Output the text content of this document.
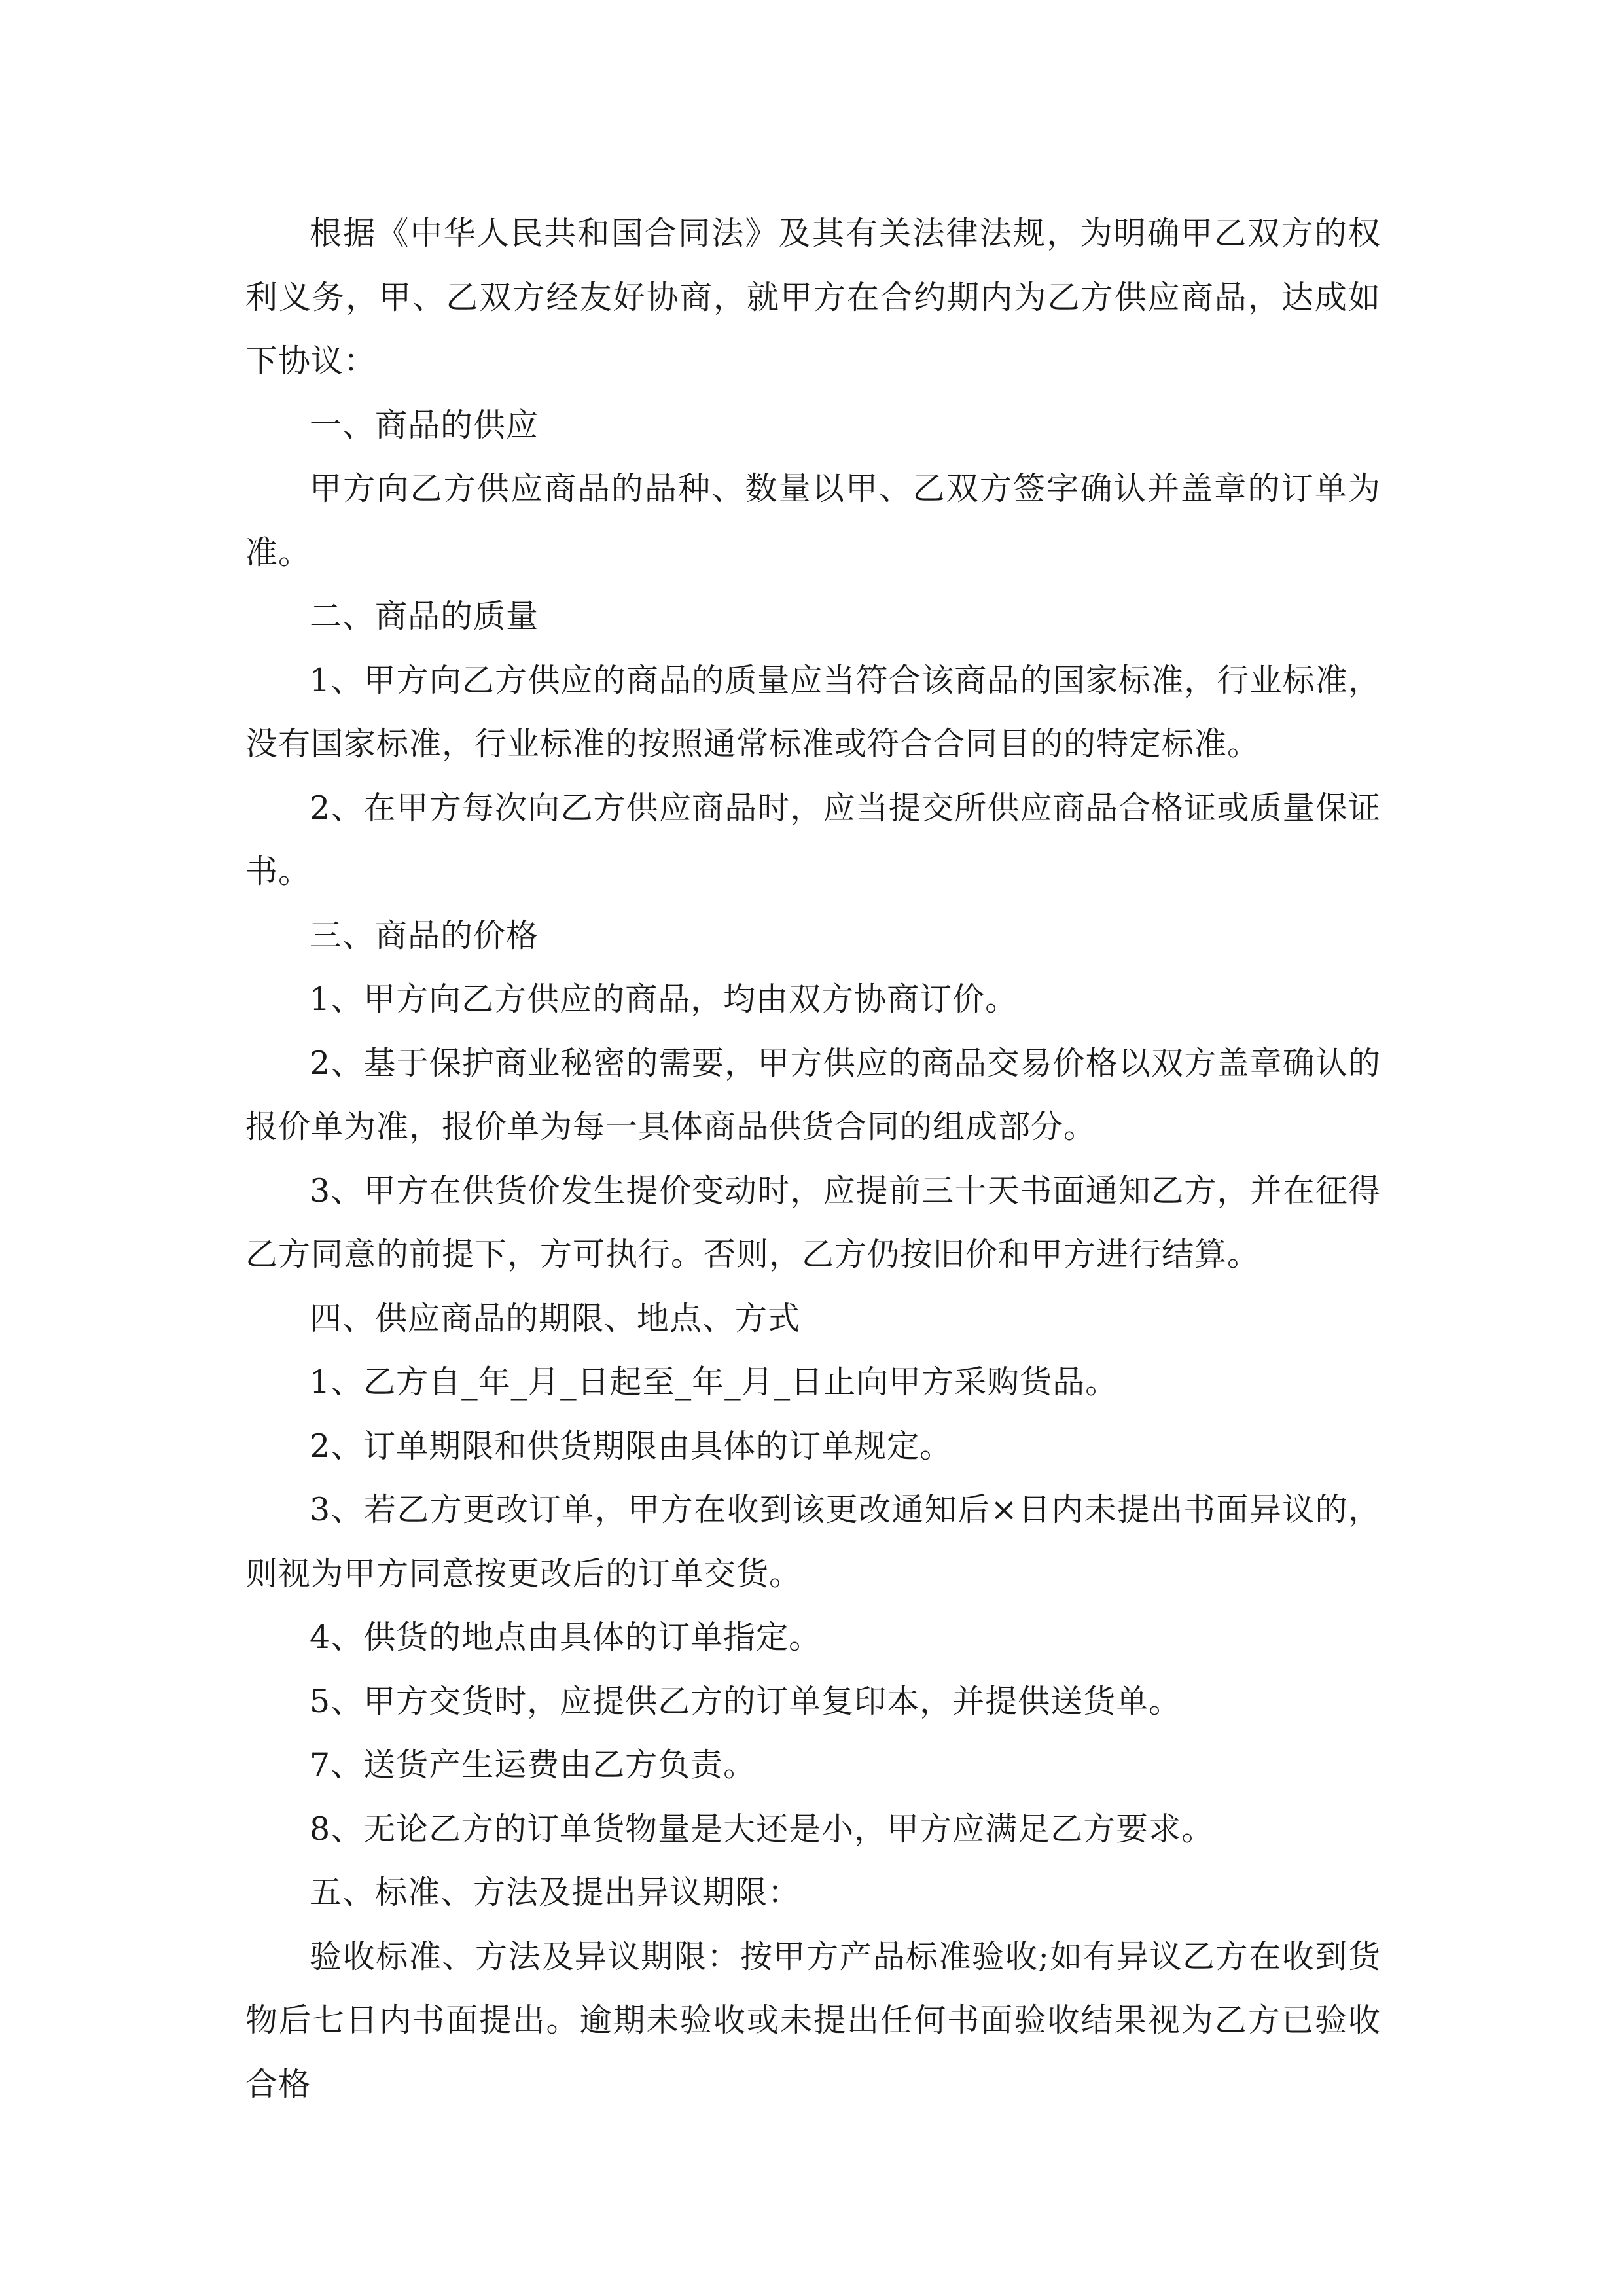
根据《中华人民共和国合同法》及其有关法律法规，为明确甲乙双方的权利义务，甲、乙双方经友好协商，就甲方在合约期内为乙方供应商品，达成如下协议：

一、商品的供应

甲方向乙方供应商品的品种、数量以甲、乙双方签字确认并盖章的订单为准。

二、商品的质量

1、甲方向乙方供应的商品的质量应当符合该商品的国家标准，行业标准，没有国家标准，行业标准的按照通常标准或符合合同目的的特定标准。

2、在甲方每次向乙方供应商品时，应当提交所供应商品合格证或质量保证书。

三、商品的价格

1、甲方向乙方供应的商品，均由双方协商订价。

2、基于保护商业秘密的需要，甲方供应的商品交易价格以双方盖章确认的报价单为准，报价单为每一具体商品供货合同的组成部分。

3、甲方在供货价发生提价变动时，应提前三十天书面通知乙方，并在征得乙方同意的前提下，方可执行。否则，乙方仍按旧价和甲方进行结算。

四、供应商品的期限、地点、方式

1、乙方自_年_月_日起至_年_月_日止向甲方采购货品。

2、订单期限和供货期限由具体的订单规定。

3、若乙方更改订单，甲方在收到该更改通知后×日内未提出书面异议的，则视为甲方同意按更改后的订单交货。

4、供货的地点由具体的订单指定。

5、甲方交货时，应提供乙方的订单复印本，并提供送货单。

7、送货产生运费由乙方负责。

8、无论乙方的订单货物量是大还是小，甲方应满足乙方要求。

五、标准、方法及提出异议期限：

验收标准、方法及异议期限：按甲方产品标准验收;如有异议乙方在收到货物后七日内书面提出。逾期未验收或未提出任何书面验收结果视为乙方已验收合格
